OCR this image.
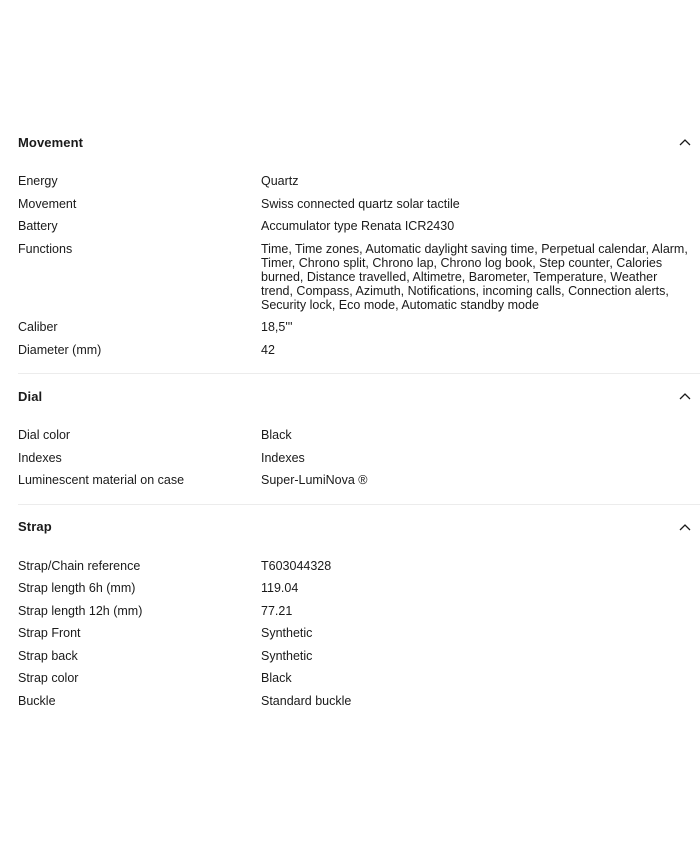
Movement
Energy	Quartz
Movement	Swiss connected quartz solar tactile
Battery	Accumulator type Renata ICR2430
Functions	Time, Time zones, Automatic daylight saving time, Perpetual calendar, Alarm, Timer, Chrono split, Chrono lap, Chrono log book, Step counter, Calories burned, Distance travelled, Altimetre, Barometer, Temperature, Weather trend, Compass, Azimuth, Notifications, incoming calls, Connection alerts, Security lock, Eco mode, Automatic standby mode
Caliber	18,5'''
Diameter (mm)	42
Dial
Dial color	Black
Indexes	Indexes
Luminescent material on case	Super-LumiNova ®
Strap
Strap/Chain reference	T603044328
Strap length 6h (mm)	119.04
Strap length 12h (mm)	77.21
Strap Front	Synthetic
Strap back	Synthetic
Strap color	Black
Buckle	Standard buckle
